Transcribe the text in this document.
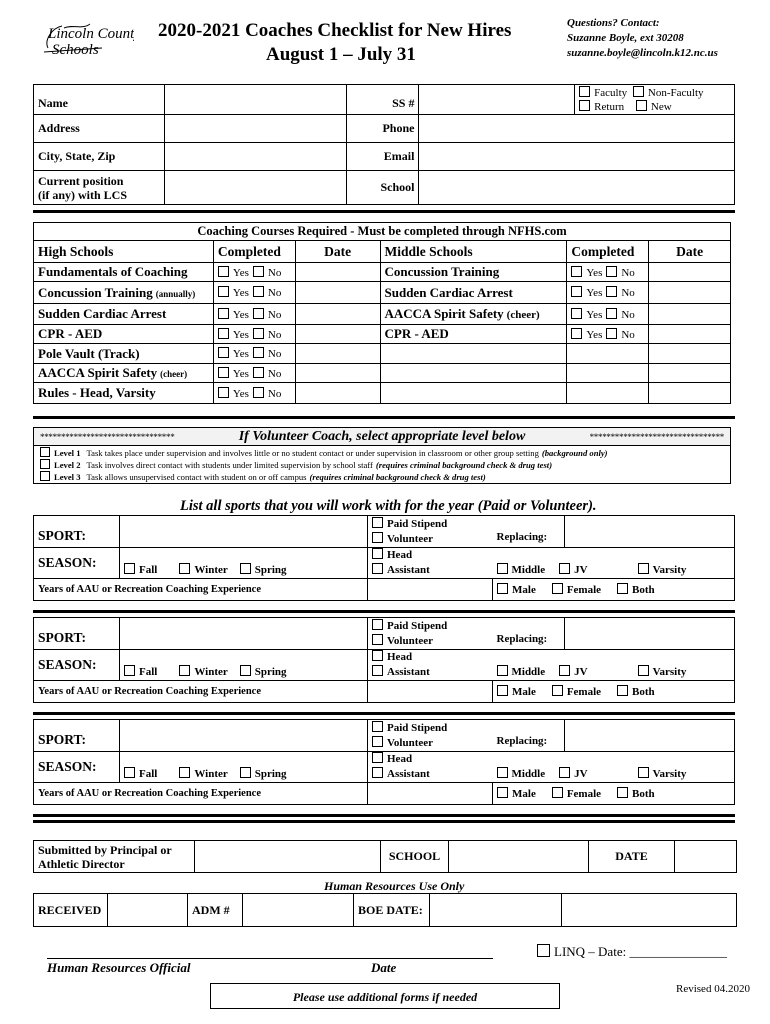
Lincoln County
Schools
2020-2021 Coaches Checklist for New Hires
August 1 – July 31
Questions? Contact:
Suzanne Boyle, ext 30208
suzanne.boyle@lincoln.k12.nc.us
Name		SS #		Faculty Non-Faculty
Return New
Address		Phone		
City, State, Zip		Email		
Current position
(if any) with LCS		School		
Coaching Courses Required - Must be completed through NFHS.com					
High Schools	Completed	Date	Middle Schools	Completed	Date
Fundamentals of Coaching	Yes No		Concussion Training	Yes No	
Concussion Training (annually)	Yes No		Sudden Cardiac Arrest	Yes No	
Sudden Cardiac Arrest	Yes No		AACCA Spirit Safety (cheer)	Yes No	
CPR - AED	Yes No		CPR - AED	Yes No	
Pole Vault (Track)	Yes No				
AACCA Spirit Safety (cheer)	Yes No				
Rules - Head, Varsity	Yes No				
********************************	If Volunteer Coach, select appropriate level below	********************************
Level 1 Task takes place under supervision and involves little or no student contact or under supervision in classroom or other group setting (background only)
Level 2 Task involves direct contact with students under limited supervision by school staff (requires criminal background check & drug test)
Level 3 Task allows unsupervised contact with student on or off campus (requires criminal background check & drug test)
List all sports that you will work with for the year (Paid or Volunteer).
SPORT:		Paid Stipend
Volunteer	Replacing:	
SEASON:	Fall Winter Spring	Head
Assistant	Middle JV Varsity	
Years of AAU or Recreation Coaching Experience			Male Female Both	
SPORT:		Paid Stipend
Volunteer	Replacing:	
SEASON:	Fall Winter Spring	Head
Assistant	Middle JV Varsity	
Years of AAU or Recreation Coaching Experience			Male Female Both	
SPORT:		Paid Stipend
Volunteer	Replacing:	
SEASON:	Fall Winter Spring	Head
Assistant	Middle JV Varsity	
Years of AAU or Recreation Coaching Experience			Male Female Both	
Submitted by Principal or
Athletic Director		SCHOOL		DATE	
Human Resources Use Only
RECEIVED		ADM #		BOE DATE:		
LINQ – Date: _______________
Human Resources Official	Date
Revised 04.2020
Please use additional forms if needed
